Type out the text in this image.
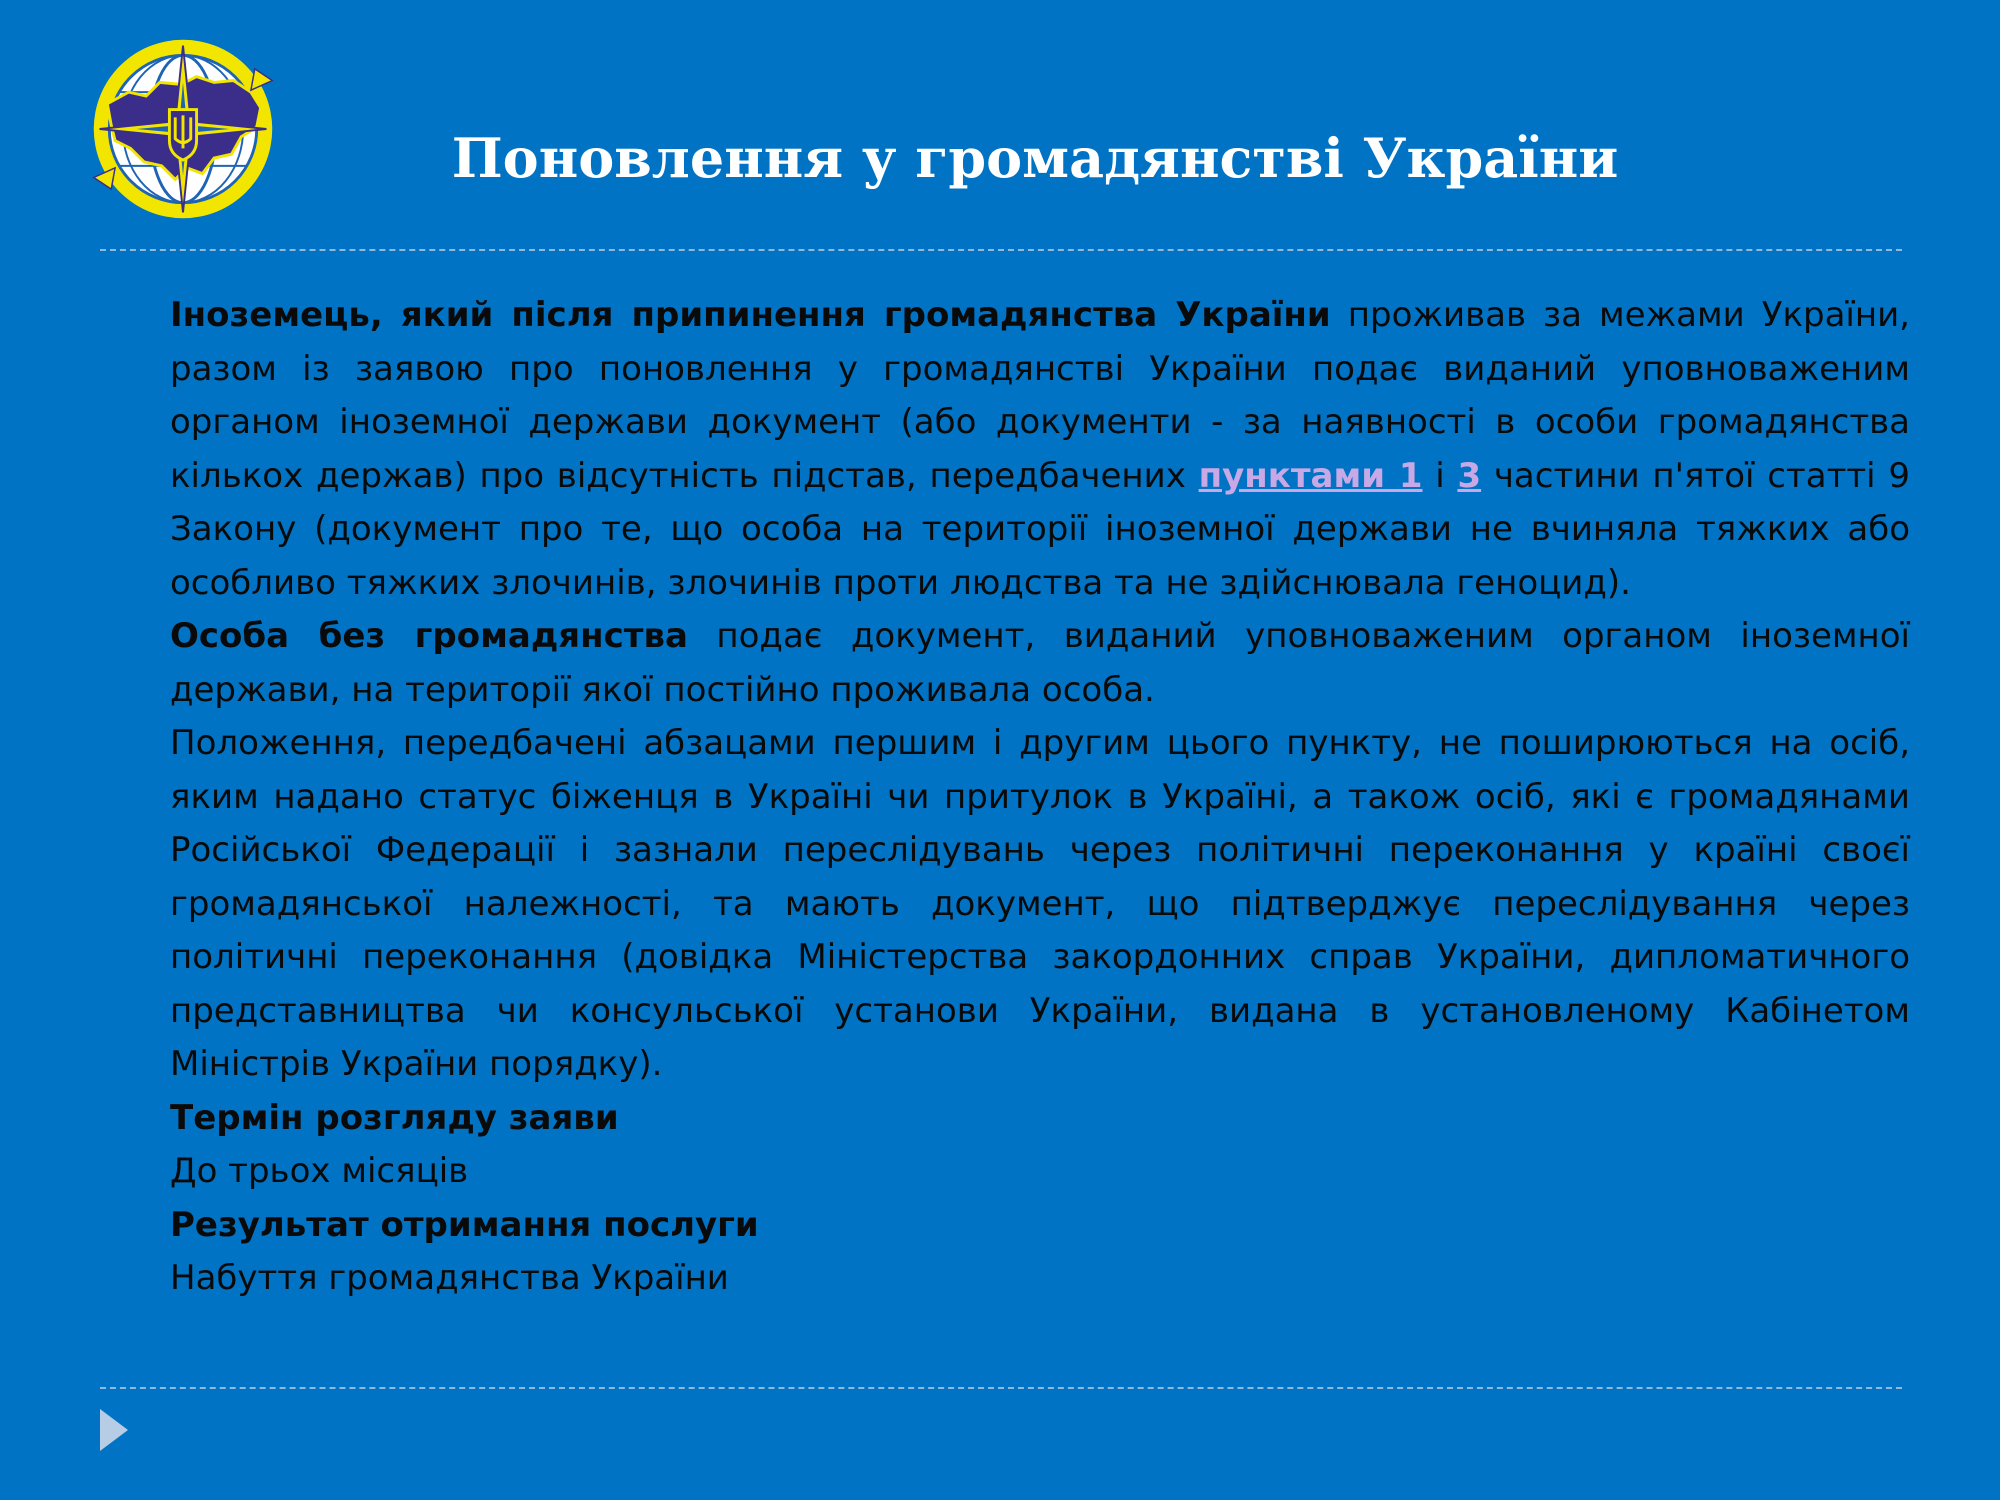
Поновлення у громадянстві України

Іноземець, який після припинення громадянства України проживав за межами України, разом із заявою про поновлення у громадянстві України подає виданий уповноваженим органом іноземної держави документ (або документи - за наявності в особи громадянства кількох держав) про відсутність підстав, передбачених пунктами 1 і 3 частини п'ятої статті 9 Закону (документ про те, що особа на території іноземної держави не вчиняла тяжких або особливо тяжких злочинів, злочинів проти людства та не здійснювала геноцид).

Особа без громадянства подає документ, виданий уповноваженим органом іноземної держави, на території якої постійно проживала особа.

Положення, передбачені абзацами першим і другим цього пункту, не поширюються на осіб, яким надано статус біженця в Україні чи притулок в Україні, а також осіб, які є громадянами Російської Федерації і зазнали переслідувань через політичні переконання у країні своєї громадянської належності, та мають документ, що підтверджує переслідування через політичні переконання (довідка Міністерства закордонних справ України, дипломатичного представництва чи консульської установи України, видана в установленому Кабінетом Міністрів України порядку).

Термін розгляду заяви

До трьох місяців

Результат отримання послуги

Набуття громадянства України
